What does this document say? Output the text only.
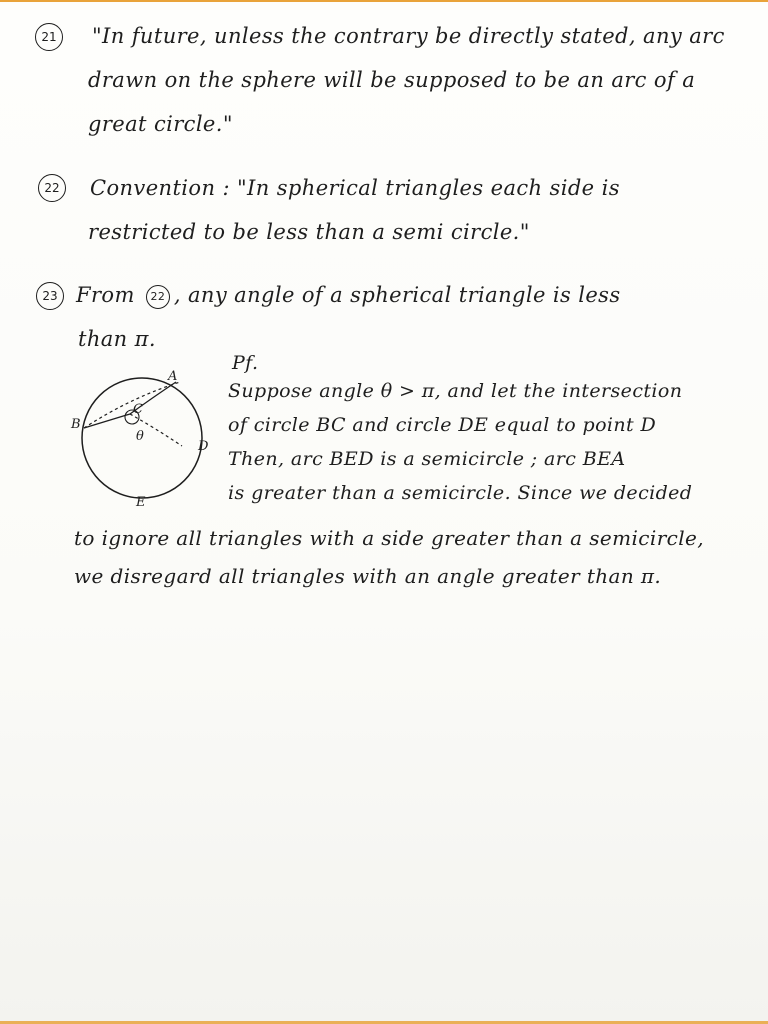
21	"In future, unless the contrary be directly stated, any arc
drawn on the sphere will be supposed to be an arc of a
great circle."
22	Convention : "In spherical triangles each side is
restricted to be less than a semi circle."
23 From 22 , any angle of a spherical triangle is less
than π.
Pf.
Suppose angle θ > π, and let the intersection
of circle BC and circle DE equal to point D
Then, arc BED is a semicircle ; arc BEA
is greater than a semicircle. Since we decided
to ignore all triangles with a side greater than a semicircle,
we disregard all triangles with an angle greater than π.
A
B
C
D
E
θ
